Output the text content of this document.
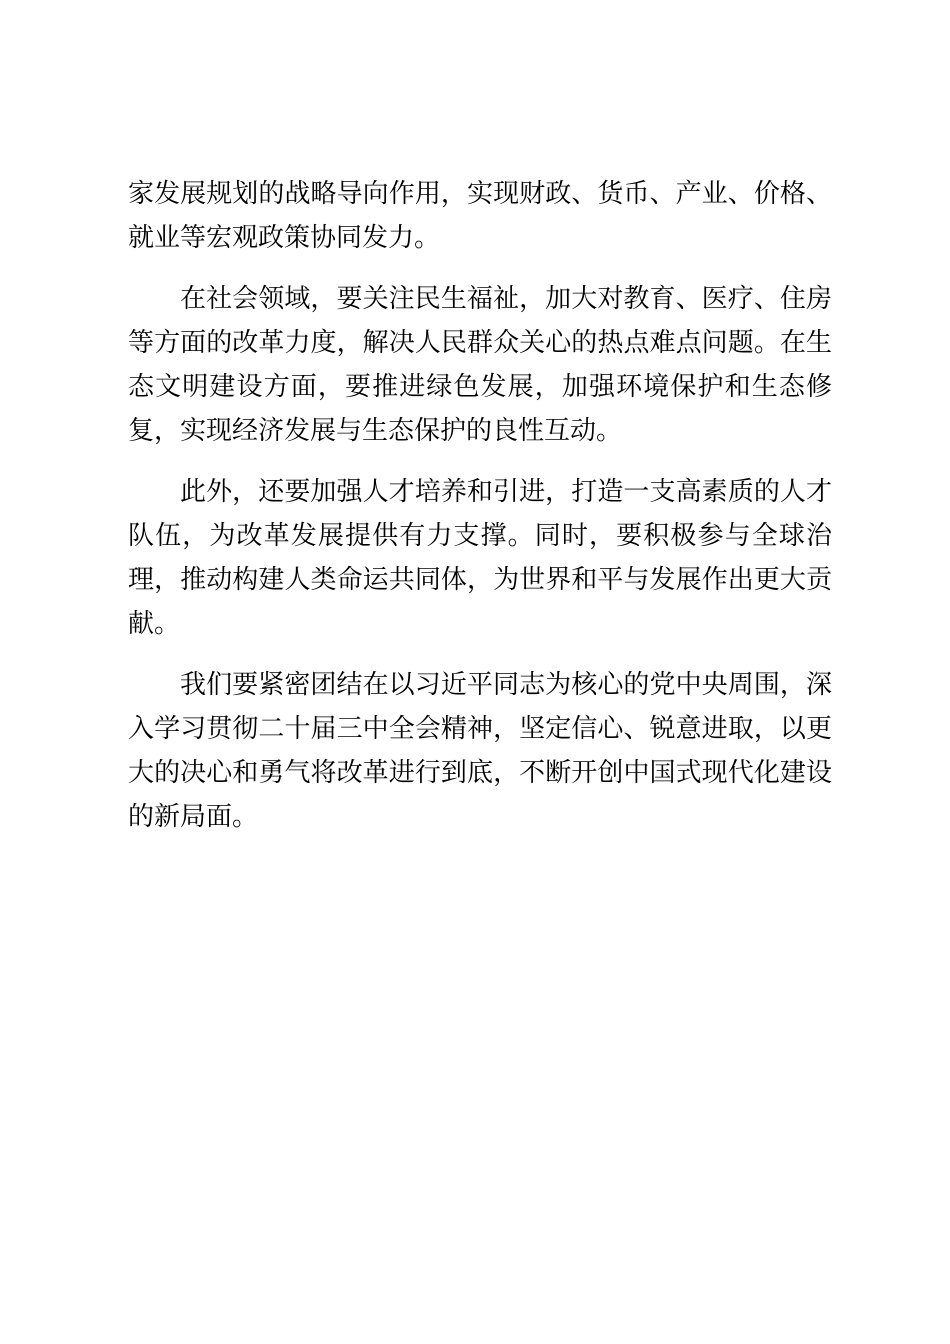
家发展规划的战略导向作用，实现财政、货币、产业、价格、就业等宏观政策协同发力。

在社会领域，要关注民生福祉，加大对教育、医疗、住房等方面的改革力度，解决人民群众关心的热点难点问题。在生态文明建设方面，要推进绿色发展，加强环境保护和生态修复，实现经济发展与生态保护的良性互动。

此外，还要加强人才培养和引进，打造一支高素质的人才队伍，为改革发展提供有力支撑。同时，要积极参与全球治理，推动构建人类命运共同体，为世界和平与发展作出更大贡献。

我们要紧密团结在以习近平同志为核心的党中央周围，深入学习贯彻二十届三中全会精神，坚定信心、锐意进取，以更大的决心和勇气将改革进行到底，不断开创中国式现代化建设的新局面。
